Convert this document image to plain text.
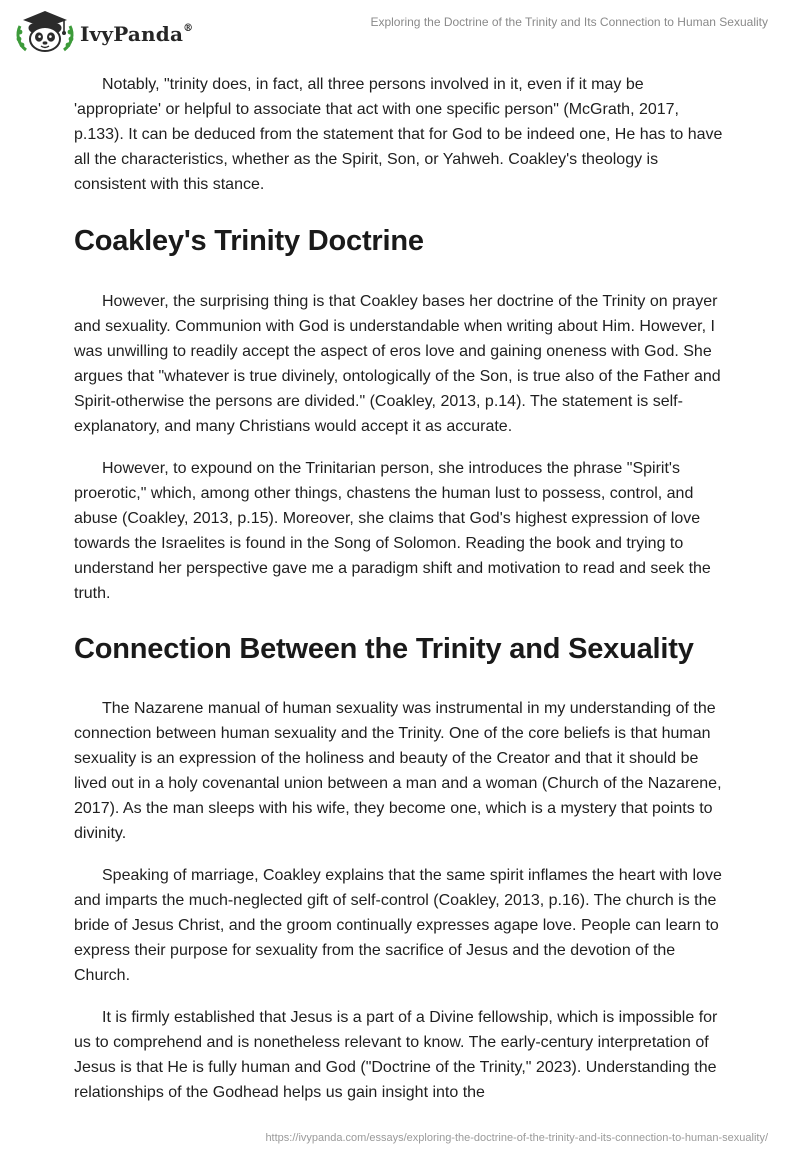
IvyPanda®	Exploring the Doctrine of the Trinity and Its Connection to Human Sexuality

Notably, "trinity does, in fact, all three persons involved in it, even if it may be 'appropriate' or helpful to associate that act with one specific person" (McGrath, 2017, p.133). It can be deduced from the statement that for God to be indeed one, He has to have all the characteristics, whether as the Spirit, Son, or Yahweh. Coakley's theology is consistent with this stance.

Coakley's Trinity Doctrine

However, the surprising thing is that Coakley bases her doctrine of the Trinity on prayer and sexuality. Communion with God is understandable when writing about Him. However, I was unwilling to readily accept the aspect of eros love and gaining oneness with God. She argues that "whatever is true divinely, ontologically of the Son, is true also of the Father and Spirit-otherwise the persons are divided." (Coakley, 2013, p.14). The statement is self-explanatory, and many Christians would accept it as accurate.

However, to expound on the Trinitarian person, she introduces the phrase "Spirit's proerotic," which, among other things, chastens the human lust to possess, control, and abuse (Coakley, 2013, p.15). Moreover, she claims that God's highest expression of love towards the Israelites is found in the Song of Solomon. Reading the book and trying to understand her perspective gave me a paradigm shift and motivation to read and seek the truth.

Connection Between the Trinity and Sexuality

The Nazarene manual of human sexuality was instrumental in my understanding of the connection between human sexuality and the Trinity. One of the core beliefs is that human sexuality is an expression of the holiness and beauty of the Creator and that it should be lived out in a holy covenantal union between a man and a woman (Church of the Nazarene, 2017). As the man sleeps with his wife, they become one, which is a mystery that points to divinity.

Speaking of marriage, Coakley explains that the same spirit inflames the heart with love and imparts the much-neglected gift of self-control (Coakley, 2013, p.16). The church is the bride of Jesus Christ, and the groom continually expresses agape love. People can learn to express their purpose for sexuality from the sacrifice of Jesus and the devotion of the Church.

It is firmly established that Jesus is a part of a Divine fellowship, which is impossible for us to comprehend and is nonetheless relevant to know. The early-century interpretation of Jesus is that He is fully human and God ("Doctrine of the Trinity," 2023). Understanding the relationships of the Godhead helps us gain insight into the

https://ivypanda.com/essays/exploring-the-doctrine-of-the-trinity-and-its-connection-to-human-sexuality/
